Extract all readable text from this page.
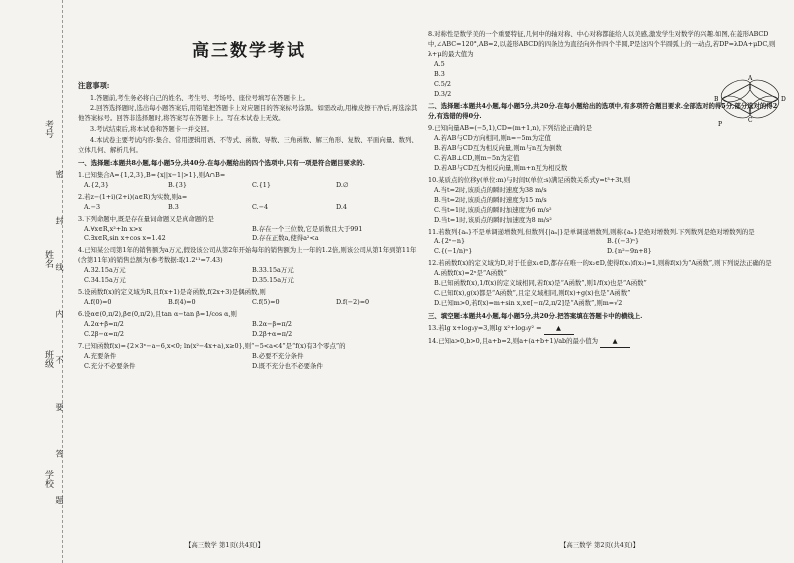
考号
姓名
班级
学校 密 封 线 内 不 要 答 题
高三数学考试
注意事项:
1.答题前,考生务必将自己的姓名、考生号、考场号、座位号填写在答题卡上。
2.回答选择题时,选出每小题答案后,用铅笔把答题卡上对应题目的答案标号涂黑。如需改动,用橡皮擦干净后,再选涂其他答案标号。回答非选择题时,将答案写在答题卡上。写在本试卷上无效。
3.考试结束后,将本试卷和答题卡一并交回。
4.本试卷主要考试内容:集合、常用逻辑用语、不等式、函数、导数、三角函数、解三角形、复数、平面向量、数列、立体几何、解析几何。
一、选择题:本题共8小题,每小题5分,共40分.在每小题给出的四个选项中,只有一项是符合题目要求的.
1.已知集合A={1,2,3},B={x||x−1|>1},则A∩B=
A.{2,3}	B.{3}	C.{1}	D.∅
2.若z−(1+i)(2+i)(a∈R)为实数,则a=
A.−3	B.3	C.−4	D.4
3.下列命题中,既是存在量词命题又是真命题的是
A.∀x∈R,x²+ln x>x	B.存在一个三位数,它是质数且大于991
C.∃x∈R,sin x+cos x=1.42	D.存在正数a,使得a²<a
4.已知某公司第1年的销售额为a万元,假设该公司从第2年开始每年的销售额为上一年的1.2倍,则该公司从第1年到第11年(含第11年)的销售总额为(参考数据:取1.2¹¹=7.43)
A.32.15a万元	B.33.15a万元
C.34.15a万元	D.35.15a万元
5.设函数f(x)的定义域为R,且f(x+1)是奇函数,f(2x+3)是偶函数,则
A.f(0)=0	B.f(4)=0	C.f(5)=0	D.f(−2)=0
6.设α∈(0,π/2),β∈(0,π/2),且tan α−tan β=1/cos α,则
A.2α+β=π/2	B.2α−β=π/2
C.2β−α=π/2	D.2β+α=π/2
7.已知函数f(x)={2×3ˣ−a−6,x<0; ln(x²−4x+a),x≥0},则“−5<a<4”是“f(x)有3个零点”的
A.充要条件	B.必要不充分条件
C.充分不必要条件	D.既不充分也不必要条件
8.对称性是数学美的一个重要特征,几何中的轴对称、中心对称都能给人以美感,激发学生对数学的兴趣.如图,在菱形ABCD中,∠ABC=120°,AB=2,以菱形ABCD的四条边为直径向外作四个半圆,P是这四个半圆弧上的一动点,若DP=λDA+μDC,则λ+μ的最大值为
A.5
B.3
C.5/2
D.3/2
二、选择题:本题共4小题,每小题5分,共20分.在每小题给出的选项中,有多项符合题目要求.全部选对的得5分,部分选对的得2分,有选错的得0分.
9.已知向量AB=(−5,1),CD=(m+1,n),下列结论正确的是
A.若AB与CD方向相同,则n=−5m为定值
B.若AB与CD互为相反向量,则m与n互为倒数
C.若AB⊥CD,则m−5n为定值
D.若AB与CD互为相反向量,则m+n互为相反数
10.某质点的位移y(单位:m)与时间t(单位:s)满足函数关系式y=t³+3t,则
A.当t=2时,该质点的瞬时速度为38 m/s
B.当t=2时,该质点的瞬时速度为15 m/s
C.当t=1时,该质点的瞬时加速度为6 m/s²
D.当t=1时,该质点的瞬时加速度为8 m/s²
11.若数列{aₙ}不是单调递增数列,但数列{|aₙ|}是单调递增数列,则称{aₙ}是绝对增数列.下列数列是绝对增数列的是
A.{2ⁿ−n}	B.{(−3)ⁿ}
C.{(−1/n)ⁿ}	D.{n²−9n+8}
12.若函数f(x)的定义域为D,对于任意x₁∈D,都存在唯一的x₂∈D,使得f(x₁)f(x₂)=1,则称f(x)为“A函数”,则下列说法正确的是
A.函数f(x)=2ˣ是“A函数”
B.已知函数f(x),1/f(x)的定义域相同,若f(x)是“A函数”,则1/f(x)也是“A函数”
C.已知f(x),g(x)都是“A函数”,且定义域相同,则f(x)+g(x)也是“A函数”
D.已知m>0,若f(x)=m+sin x,x∈[−π/2,π/2]是“A函数”,则m=√2
三、填空题:本题共4小题,每小题5分,共20分.把答案填在答题卡中的横线上.
13.若lg x+log₃y=3,则lg x²+log₃y² = ▲
14.已知a>0,b>0,且a+b=2,则a+(a+b+1)/ab的最小值为 ▲
B
A
D
C
P
【高三数学 第1页(共4页)】	【高三数学 第2页(共4页)】
